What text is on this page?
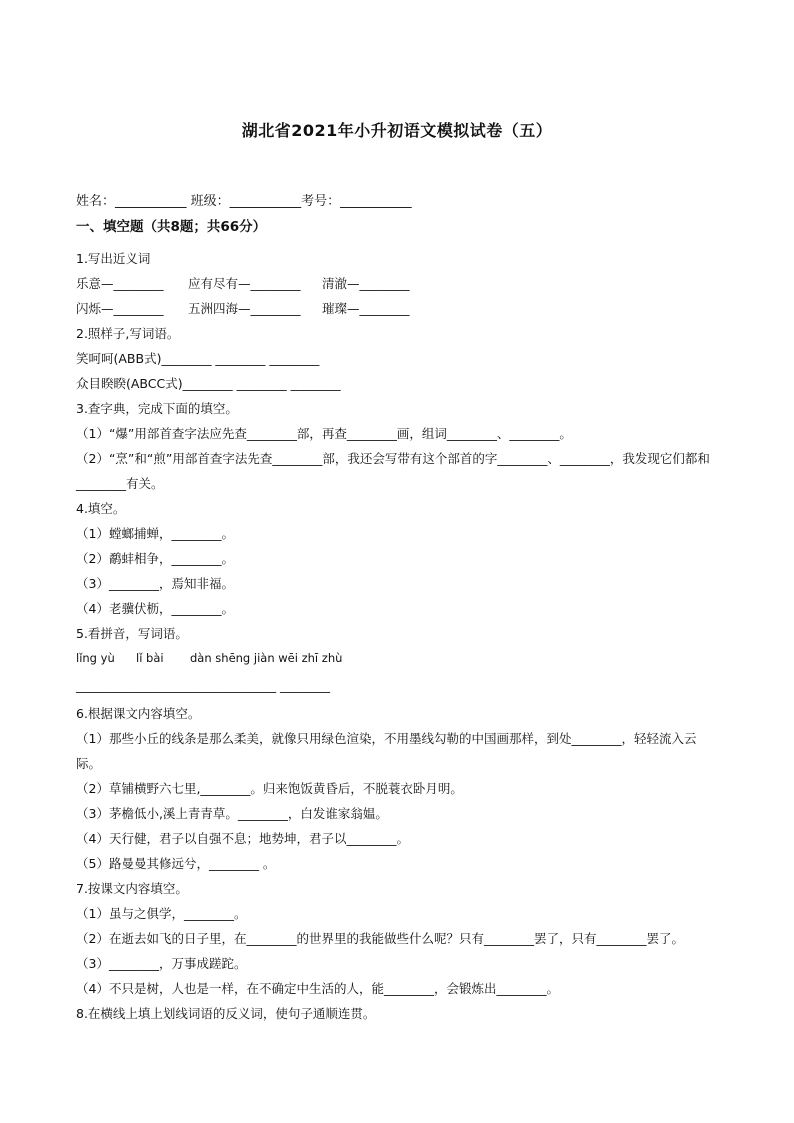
湖北省2021年小升初语文模拟试卷（五）
姓名：___________ 班级：___________考号：___________
一、填空题（共8题；共66分）
1.写出近义词
乐意—________ 应有尽有—________ 清澈—________
闪烁—________ 五洲四海—________ 璀璨—________
2.照样子,写词语。
笑呵呵(ABB式)________ ________ ________
众目睽睽(ABCC式)________ ________ ________
3.查字典，完成下面的填空。
（1）“爆”用部首查字法应先查________部，再查________画，组词________、________。
（2）“烹”和“煎”用部首查字法先查________部，我还会写带有这个部首的字________、________，我发现它们都和________有关。
4.填空。
（1）螳螂捕蝉，________。
（2）鹬蚌相争，________。
（3）________，焉知非福。
（4）老骥伏枥，________。
5.看拼音，写词语。
lǐng yù lǐ bài dàn shēng jiàn wēi zhī zhù
________________________________ ________
6.根据课文内容填空。
（1）那些小丘的线条是那么柔美，就像只用绿色渲染，不用墨线勾勒的中国画那样，到处________，轻轻流入云际。
（2）草铺横野六七里,________。归来饱饭黄昏后，不脱蓑衣卧月明。
（3）茅檐低小,溪上青青草。________，白发谁家翁媪。
（4）天行健，君子以自强不息；地势坤，君子以________。
（5）路曼曼其修远兮，________ 。
7.按课文内容填空。
（1）虽与之俱学，________。
（2）在逝去如飞的日子里，在________的世界里的我能做些什么呢？只有________罢了，只有________罢了。
（3）________，万事成蹉跎。
（4）不只是树，人也是一样，在不确定中生活的人，能________，会锻炼出________。
8.在横线上填上划线词语的反义词，使句子通顺连贯。
